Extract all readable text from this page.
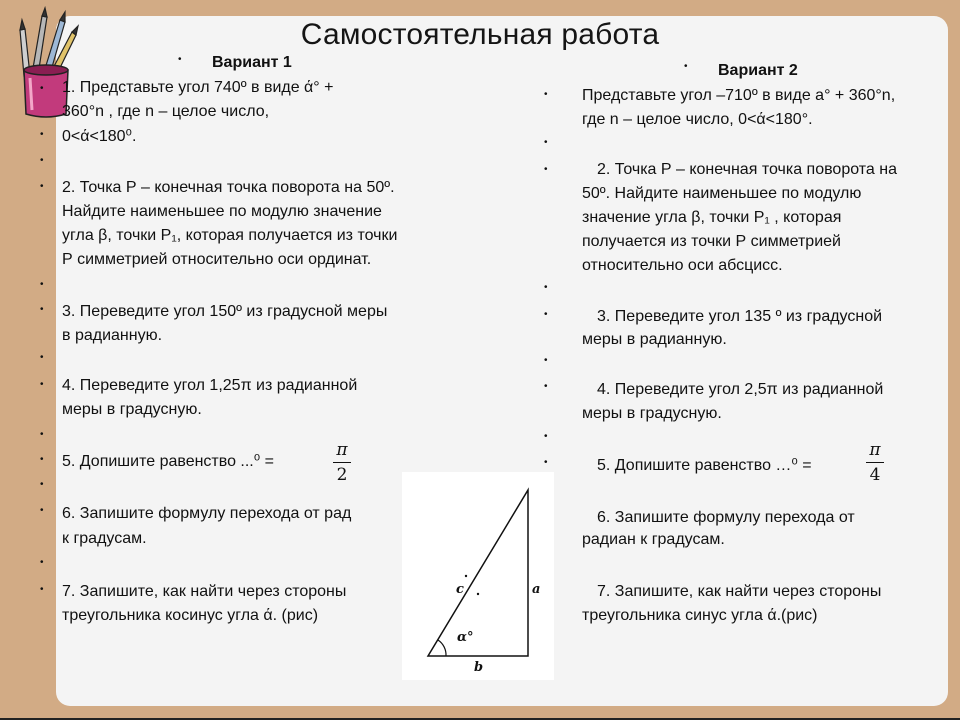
Самостоятельная работа
• Вариант 1
• 1. Представьте угол 740º в виде ά° +
360°n , где n – целое число,
• 0<ά<180⁰.
•
• 2. Точка Р – конечная точка поворота на 50º.
Найдите наименьшее по модулю значение
угла β, точки P₁, которая получается из точки
Р симметрией относительно оси ординат.
•
• 3. Переведите угол 150º из градусной меры
в радианную.
•
• 4. Переведите угол 1,25π из радианной
меры в градусную.
•
• 5. Допишите равенство ...⁰ =
π
2
•
• 6. Запишите формулу перехода от рад
к градусам.
•
• 7. Запишите, как найти через стороны
треугольника косинус угла ά. (рис)
c	a
α°
b
• Вариант 2
• Представьте угол –710º в виде a° + 360°n,
где n – целое число, 0<ά<180°.
•
•	2. Точка Р – конечная точка поворота на
50º. Найдите наименьшее по модулю
значение угла β, точки P₁ , которая
получается из точки Р симметрией
относительно оси абсцисс.
•
•	3. Переведите угол 135 º из градусной
меры в радианную.
•
•	4. Переведите угол 2,5π из радианной
меры в градусную.
•
•	5. Допишите равенство …⁰ =
π
4
6. Запишите формулу перехода от
радиан к градусам.
7. Запишите, как найти через стороны
треугольника синус угла ά.(рис)
